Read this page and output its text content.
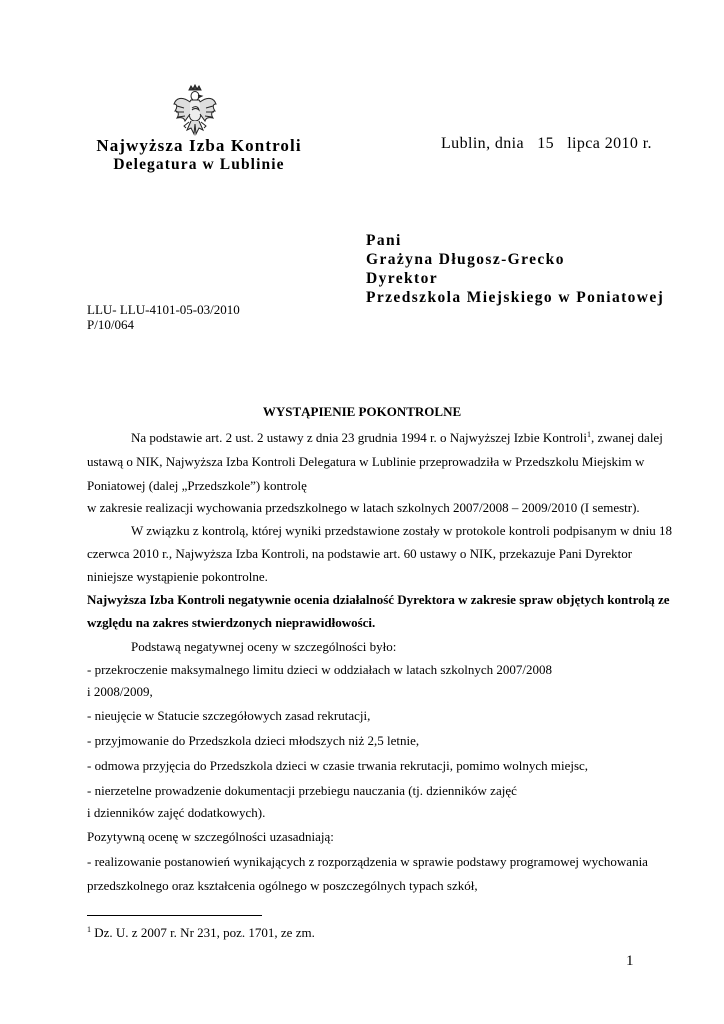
Najwyższa Izba Kontroli
Delegatura w Lublinie
Lublin, dnia   15   lipca 2010 r.
Pani
Grażyna Długosz-Grecko
Dyrektor
Przedszkola Miejskiego w Poniatowej
LLU- LLU-4101-05-03/2010
P/10/064
WYSTĄPIENIE POKONTROLNE
Na podstawie art. 2 ust. 2 ustawy z dnia 23 grudnia 1994 r. o Najwyższej Izbie Kontroli$^1$, zwanej dalej
ustawą o NIK, Najwyższa Izba Kontroli Delegatura w Lublinie przeprowadziła w Przedszkolu Miejskim w
Poniatowej (dalej „Przedszkole”) kontrolę
w zakresie realizacji wychowania przedszkolnego w latach szkolnych 2007/2008 – 2009/2010 (I semestr).
W związku z kontrolą, której wyniki przedstawione zostały w protokole kontroli podpisanym w dniu 18
czerwca 2010 r., Najwyższa Izba Kontroli, na podstawie art. 60 ustawy o NIK, przekazuje Pani Dyrektor
niniejsze wystąpienie pokontrolne.
Najwyższa Izba Kontroli negatywnie ocenia działalność Dyrektora w zakresie spraw objętych kontrolą ze
względu na zakres stwierdzonych nieprawidłowości.
Podstawą negatywnej oceny w szczególności było:
- przekroczenie maksymalnego limitu dzieci w oddziałach w latach szkolnych 2007/2008
i 2008/2009,
- nieujęcie w Statucie szczegółowych zasad rekrutacji,
- przyjmowanie do Przedszkola dzieci młodszych niż 2,5 letnie,
- odmowa przyjęcia do Przedszkola dzieci w czasie trwania rekrutacji, pomimo wolnych miejsc,
- nierzetelne prowadzenie dokumentacji przebiegu nauczania (tj. dzienników zajęć
i dzienników zajęć dodatkowych).
Pozytywną ocenę w szczególności uzasadniają:
- realizowanie postanowień wynikających z rozporządzenia w sprawie podstawy programowej wychowania
przedszkolnego oraz kształcenia ogólnego w poszczególnych typach szkół,
$^1$ Dz. U. z 2007 r. Nr 231, poz. 1701, ze zm.
1
